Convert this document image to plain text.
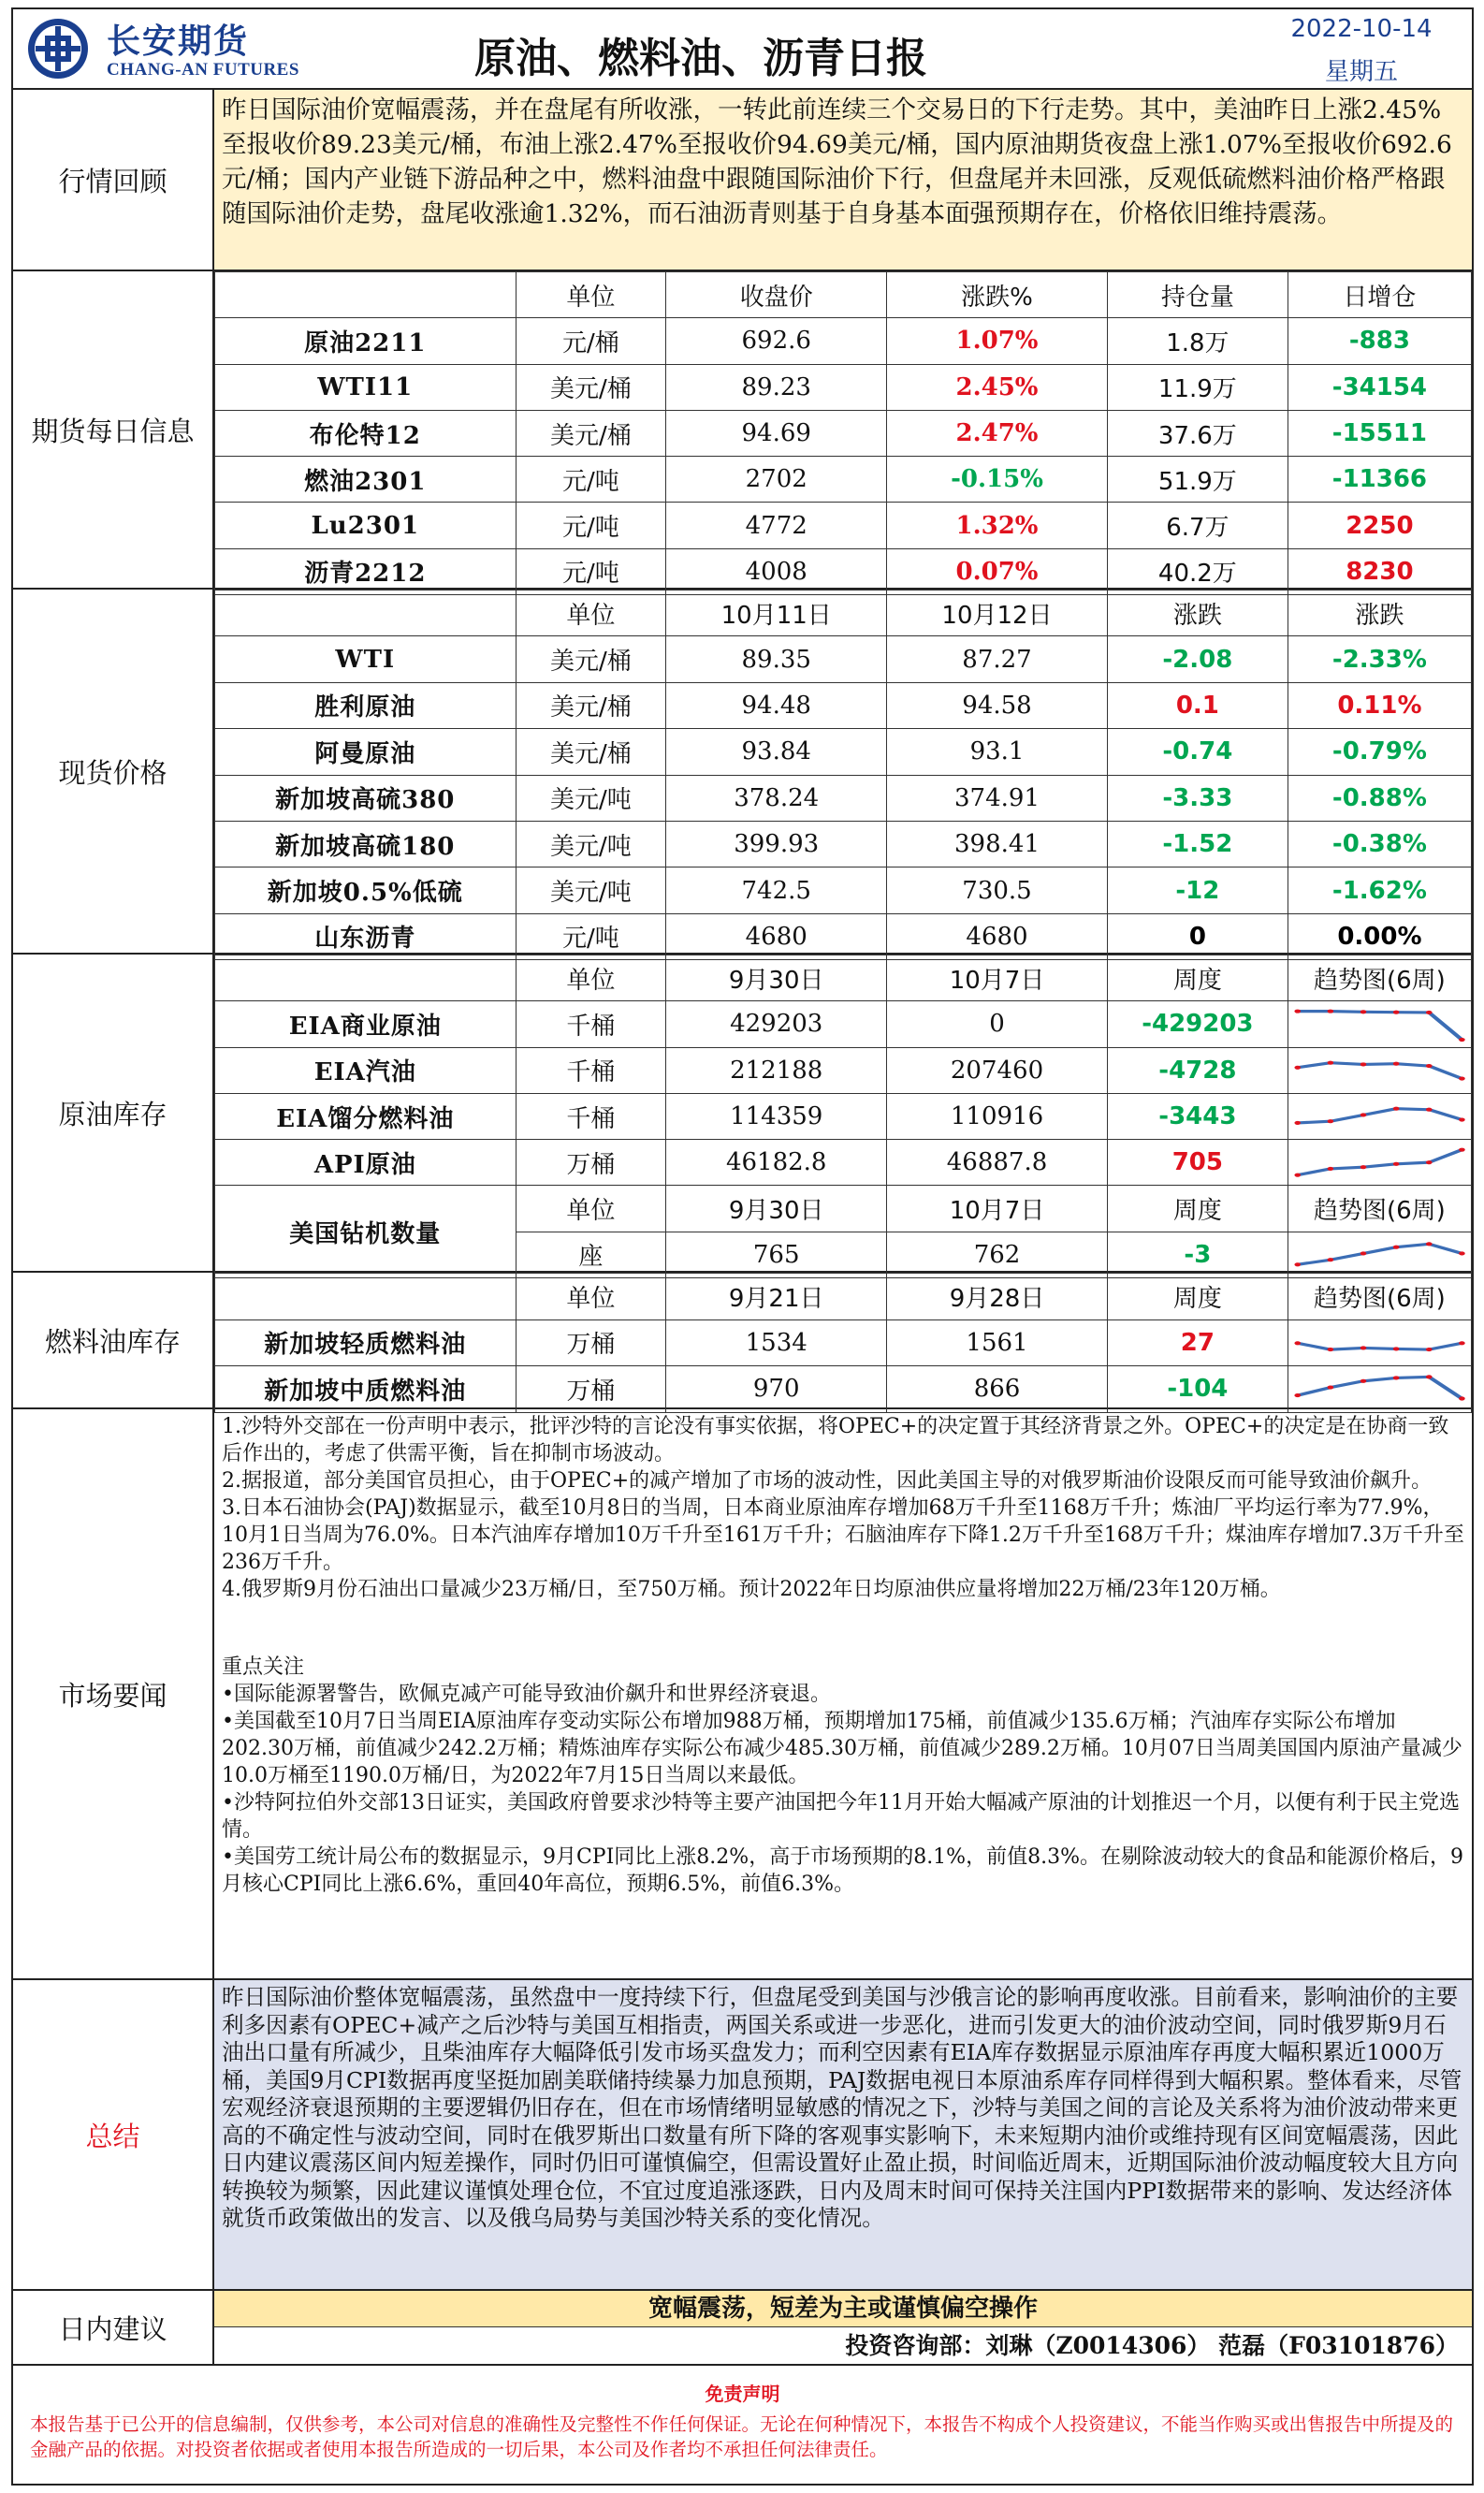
长安期货
CHANG-AN FUTURES	原油、燃料油、沥青日报
2022-10-14
星期五
行情回顾
昨日国际油价宽幅震荡，并在盘尾有所收涨，一转此前连续三个交易日的下行走势。其中，美油昨日上涨2.45%至报收价89.23美元/桶，布油上涨2.47%至报收价94.69美元/桶，国内原油期货夜盘上涨1.07%至报收价692.6元/桶；国内产业链下游品种之中，燃料油盘中跟随国际油价下行，但盘尾并未回涨，反观低硫燃料油价格严格跟随国际油价走势，盘尾收涨逾1.32%，而石油沥青则基于自身基本面强预期存在，价格依旧维持震荡。
期货每日信息
	单位	收盘价	涨跌%	持仓量	日增仓
原油2211	元/桶	692.6	1.07%	1.8万	-883
WTI11	美元/桶	89.23	2.45%	11.9万	-34154
布伦特12	美元/桶	94.69	2.47%	37.6万	-15511
燃油2301	元/吨	2702	-0.15%	51.9万	-11366
Lu2301	元/吨	4772	1.32%	6.7万	2250
沥青2212	元/吨	4008	0.07%	40.2万	8230
现货价格
	单位	10月11日	10月12日	涨跌	涨跌
WTI	美元/桶	89.35	87.27	-2.08	-2.33%
胜利原油	美元/桶	94.48	94.58	0.1	0.11%
阿曼原油	美元/桶	93.84	93.1	-0.74	-0.79%
新加坡高硫380	美元/吨	378.24	374.91	-3.33	-0.88%
新加坡高硫180	美元/吨	399.93	398.41	-1.52	-0.38%
新加坡0.5%低硫	美元/吨	742.5	730.5	-12	-1.62%
山东沥青	元/吨	4680	4680	0	0.00%
原油库存
	单位	9月30日	10月7日	周度	趋势图(6周)
EIA商业原油	千桶	429203	0	-429203	

EIA汽油	千桶	212188	207460	-4728	

EIA馏分燃料油	千桶	114359	110916	-3443	

API原油	万桶	46182.8	46887.8	705	

美国钻机数量	单位	9月30日	10月7日	周度	趋势图(6周)
	座	765	762	-3	
燃料油库存
	单位	9月21日	9月28日	周度	趋势图(6周)
新加坡轻质燃料油	万桶	1534	1561	27	

新加坡中质燃料油	万桶	970	866	-104	
市场要闻
1.沙特外交部在一份声明中表示，批评沙特的言论没有事实依据，将OPEC+的决定置于其经济背景之外。OPEC+的决定是在协商一致后作出的，考虑了供需平衡，旨在抑制市场波动。
2.据报道，部分美国官员担心，由于OPEC+的减产增加了市场的波动性，因此美国主导的对俄罗斯油价设限反而可能导致油价飙升。
3.日本石油协会(PAJ)数据显示，截至10月8日的当周，日本商业原油库存增加68万千升至1168万千升；炼油厂平均运行率为77.9%，10月1日当周为76.0%。日本汽油库存增加10万千升至161万千升；石脑油库存下降1.2万千升至168万千升；煤油库存增加7.3万千升至236万千升。
4.俄罗斯9月份石油出口量减少23万桶/日，至750万桶。预计2022年日均原油供应量将增加22万桶/23年120万桶。
重点关注
•国际能源署警告，欧佩克减产可能导致油价飙升和世界经济衰退。
•美国截至10月7日当周EIA原油库存变动实际公布增加988万桶，预期增加175桶，前值减少135.6万桶；汽油库存实际公布增加202.30万桶，前值减少242.2万桶；精炼油库存实际公布减少485.30万桶，前值减少289.2万桶。10月07日当周美国国内原油产量减少10.0万桶至1190.0万桶/日，为2022年7月15日当周以来最低。
•沙特阿拉伯外交部13日证实，美国政府曾要求沙特等主要产油国把今年11月开始大幅减产原油的计划推迟一个月，以便有利于民主党选情。
•美国劳工统计局公布的数据显示，9月CPI同比上涨8.2%，高于市场预期的8.1%，前值8.3%。在剔除波动较大的食品和能源价格后，9月核心CPI同比上涨6.6%，重回40年高位，预期6.5%，前值6.3%。
总结
昨日国际油价整体宽幅震荡，虽然盘中一度持续下行，但盘尾受到美国与沙俄言论的影响再度收涨。目前看来，影响油价的主要利多因素有OPEC+减产之后沙特与美国互相指责，两国关系或进一步恶化，进而引发更大的油价波动空间，同时俄罗斯9月石油出口量有所减少，且柴油库存大幅降低引发市场买盘发力；而利空因素有EIA库存数据显示原油库存再度大幅积累近1000万桶，美国9月CPI数据再度坚挺加剧美联储持续暴力加息预期，PAJ数据电视日本原油系库存同样得到大幅积累。整体看来，尽管宏观经济衰退预期的主要逻辑仍旧存在，但在市场情绪明显敏感的情况之下，沙特与美国之间的言论及关系将为油价波动带来更高的不确定性与波动空间，同时在俄罗斯出口数量有所下降的客观事实影响下，未来短期内油价或维持现有区间宽幅震荡，因此日内建议震荡区间内短差操作，同时仍旧可谨慎偏空，但需设置好止盈止损，时间临近周末，近期国际油价波动幅度较大且方向转换较为频繁，因此建议谨慎处理仓位，不宜过度追涨逐跌，日内及周末时间可保持关注国内PPI数据带来的影响、发达经济体就货币政策做出的发言、以及俄乌局势与美国沙特关系的变化情况。
日内建议
宽幅震荡，短差为主或谨慎偏空操作
投资咨询部：刘琳（Z0014306） 范磊（F03101876）
免责声明
本报告基于已公开的信息编制，仅供参考，本公司对信息的准确性及完整性不作任何保证。无论在何种情况下，本报告不构成个人投资建议，不能当作购买或出售报告中所提及的金融产品的依据。对投资者依据或者使用本报告所造成的一切后果，本公司及作者均不承担任何法律责任。
